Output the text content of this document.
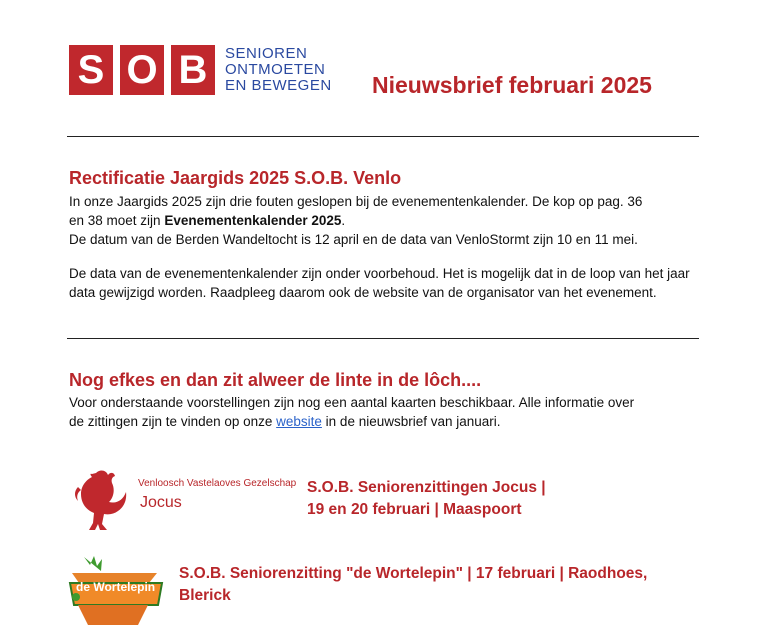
S O B	SENIOREN
ONTMOETEN
EN BEWEGEN Nieuwsbrief februari 2025
Rectificatie Jaargids 2025 S.O.B. Venlo
In onze Jaargids 2025 zijn drie fouten geslopen bij de evenementenkalender. De kop op pag. 36
en 38 moet zijn Evenementenkalender 2025.
De datum van de Berden Wandeltocht is 12 april en de data van VenloStormt zijn 10 en 11 mei.
De data van de evenementenkalender zijn onder voorbehoud. Het is mogelijk dat in de loop van het jaar data gewijzigd worden. Raadpleeg daarom ook de website van de organisator van het evenement.
Nog efkes en dan zit alweer de linte in de lôch....
Voor onderstaande voorstellingen zijn nog een aantal kaarten beschikbaar. Alle informatie over
de zittingen zijn te vinden op onze website in de nieuwsbrief van januari.
Venloosch Vastelaoves Gezelschap
Jocus
S.O.B. Seniorenzittingen Jocus |
19 en 20 februari | Maaspoort
de Wortelepin
S.O.B. Seniorenzitting "de Wortelepin" | 17 februari | Raodhoes,
Blerick
